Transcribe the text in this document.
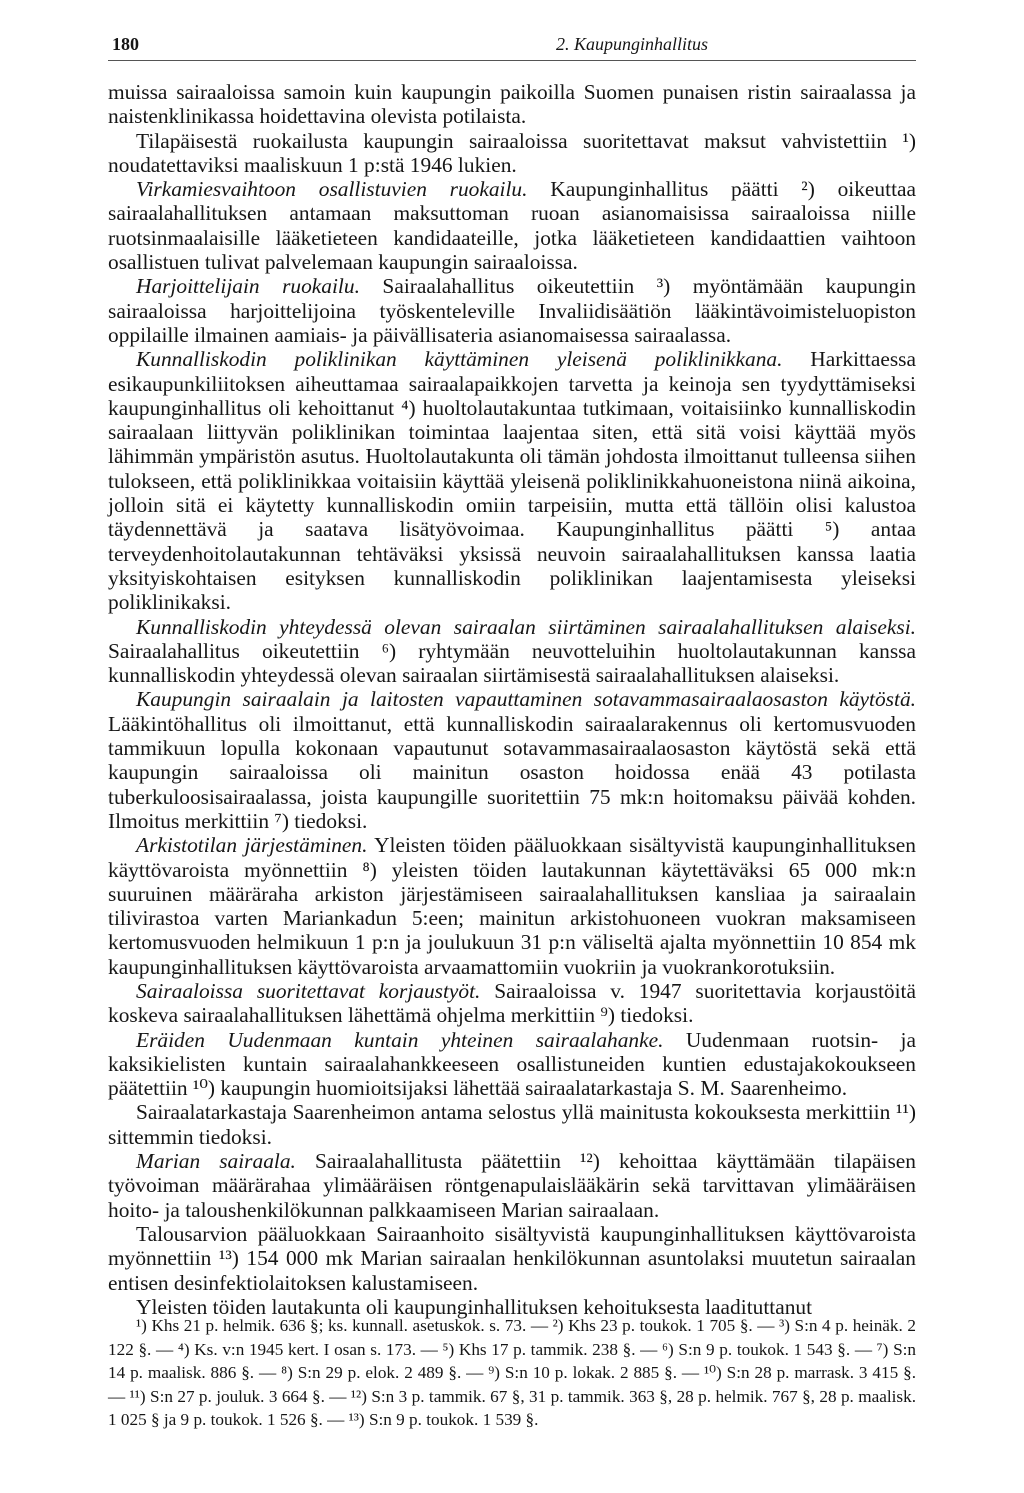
180	2. Kaupunginhallitus

muissa sairaaloissa samoin kuin kaupungin paikoilla Suomen punaisen ristin sairaalassa ja naistenklinikassa hoidettavina olevista potilaista.

Tilapäisestä ruokailusta kaupungin sairaaloissa suoritettavat maksut vahvistettiin ¹) noudatettaviksi maaliskuun 1 p:stä 1946 lukien.

Virkamiesvaihtoon osallistuvien ruokailu. Kaupunginhallitus päätti ²) oikeuttaa sairaalahallituksen antamaan maksuttoman ruoan asianomaisissa sairaaloissa niille ruotsinmaalaisille lääketieteen kandidaateille, jotka lääketieteen kandidaattien vaihtoon osallistuen tulivat palvelemaan kaupungin sairaaloissa.

Harjoittelijain ruokailu. Sairaalahallitus oikeutettiin ³) myöntämään kaupungin sairaaloissa harjoittelijoina työskenteleville Invaliidisäätiön lääkintävoimisteluopiston oppilaille ilmainen aamiais- ja päivällisateria asianomaisessa sairaalassa.

Kunnalliskodin poliklinikan käyttäminen yleisenä poliklinikkana. Harkittaessa esikaupunkiliitoksen aiheuttamaa sairaalapaikkojen tarvetta ja keinoja sen tyydyttämiseksi kaupunginhallitus oli kehoittanut ⁴) huoltolautakuntaa tutkimaan, voitaisiinko kunnalliskodin sairaalaan liittyvän poliklinikan toimintaa laajentaa siten, että sitä voisi käyttää myös lähimmän ympäristön asutus. Huoltolautakunta oli tämän johdosta ilmoittanut tulleensa siihen tulokseen, että poliklinikkaa voitaisiin käyttää yleisenä poliklinikkahuoneistona niinä aikoina, jolloin sitä ei käytetty kunnalliskodin omiin tarpeisiin, mutta että tällöin olisi kalustoa täydennettävä ja saatava lisätyövoimaa. Kaupunginhallitus päätti ⁵) antaa terveydenhoitolautakunnan tehtäväksi yksissä neuvoin sairaalahallituksen kanssa laatia yksityiskohtaisen esityksen kunnalliskodin poliklinikan laajentamisesta yleiseksi poliklinikaksi.

Kunnalliskodin yhteydessä olevan sairaalan siirtäminen sairaalahallituksen alaiseksi. Sairaalahallitus oikeutettiin ⁶) ryhtymään neuvotteluihin huoltolautakunnan kanssa kunnalliskodin yhteydessä olevan sairaalan siirtämisestä sairaalahallituksen alaiseksi.

Kaupungin sairaalain ja laitosten vapauttaminen sotavammasairaalaosaston käytöstä. Lääkintöhallitus oli ilmoittanut, että kunnalliskodin sairaalarakennus oli kertomusvuoden tammikuun lopulla kokonaan vapautunut sotavammasairaalaosaston käytöstä sekä että kaupungin sairaaloissa oli mainitun osaston hoidossa enää 43 potilasta tuberkuloosisairaalassa, joista kaupungille suoritettiin 75 mk:n hoitomaksu päivää kohden. Ilmoitus merkittiin ⁷) tiedoksi.

Arkistotilan järjestäminen. Yleisten töiden pääluokkaan sisältyvistä kaupunginhallituksen käyttövaroista myönnettiin ⁸) yleisten töiden lautakunnan käytettäväksi 65 000 mk:n suuruinen määräraha arkiston järjestämiseen sairaalahallituksen kansliaa ja sairaalain tilivirastoa varten Mariankadun 5:een; mainitun arkistohuoneen vuokran maksamiseen kertomusvuoden helmikuun 1 p:n ja joulukuun 31 p:n väliseltä ajalta myönnettiin 10 854 mk kaupunginhallituksen käyttövaroista arvaamattomiin vuokriin ja vuokrankorotuksiin.

Sairaaloissa suoritettavat korjaustyöt. Sairaaloissa v. 1947 suoritettavia korjaustöitä koskeva sairaalahallituksen lähettämä ohjelma merkittiin ⁹) tiedoksi.

Eräiden Uudenmaan kuntain yhteinen sairaalahanke. Uudenmaan ruotsin- ja kaksikielisten kuntain sairaalahankkeeseen osallistuneiden kuntien edustajakokoukseen päätettiin ¹⁰) kaupungin huomioitsijaksi lähettää sairaalatarkastaja S. M. Saarenheimo.

Sairaalatarkastaja Saarenheimon antama selostus yllä mainitusta kokouksesta merkittiin ¹¹) sittemmin tiedoksi.

Marian sairaala. Sairaalahallitusta päätettiin ¹²) kehoittaa käyttämään tilapäisen työvoiman määrärahaa ylimääräisen röntgenapulaislääkärin sekä tarvittavan ylimääräisen hoito- ja taloushenkilökunnan palkkaamiseen Marian sairaalaan.

Talousarvion pääluokkaan Sairaanhoito sisältyvistä kaupunginhallituksen käyttövaroista myönnettiin ¹³) 154 000 mk Marian sairaalan henkilökunnan asuntolaksi muutetun sairaalan entisen desinfektiolaitoksen kalustamiseen.

Yleisten töiden lautakunta oli kaupunginhallituksen kehoituksesta laadituttanut

¹) Khs 21 p. helmik. 636 §; ks. kunnall. asetuskok. s. 73. — ²) Khs 23 p. toukok. 1 705 §. — ³) S:n 4 p. heinäk. 2 122 §. — ⁴) Ks. v:n 1945 kert. I osan s. 173. — ⁵) Khs 17 p. tammik. 238 §. — ⁶) S:n 9 p. toukok. 1 543 §. — ⁷) S:n 14 p. maalisk. 886 §. — ⁸) S:n 29 p. elok. 2 489 §. — ⁹) S:n 10 p. lokak. 2 885 §. — ¹⁰) S:n 28 p. marrask. 3 415 §. — ¹¹) S:n 27 p. jouluk. 3 664 §. — ¹²) S:n 3 p. tammik. 67 §, 31 p. tammik. 363 §, 28 p. helmik. 767 §, 28 p. maalisk. 1 025 § ja 9 p. toukok. 1 526 §. — ¹³) S:n 9 p. toukok. 1 539 §.
